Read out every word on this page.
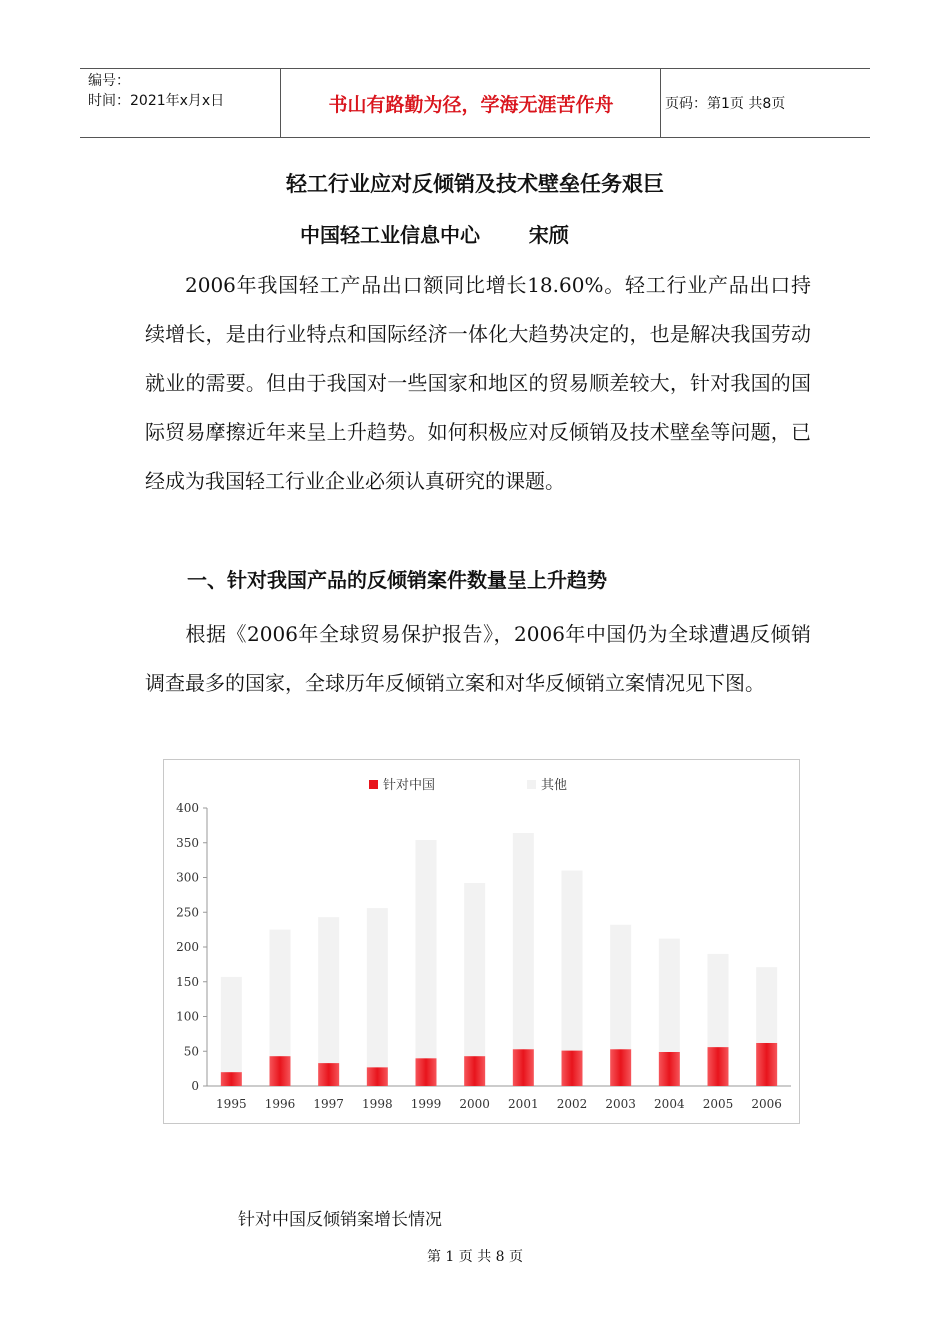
编号：
时间：2021年x月x日	书山有路勤为径，学海无涯苦作舟	页码：第1页 共8页
轻工行业应对反倾销及技术壁垒任务艰巨
中国轻工业信息中心       宋颀

2006年我国轻工产品出口额同比增长18.60%。轻工行业产品出口持续增长，是由行业特点和国际经济一体化大趋势决定的，也是解决我国劳动就业的需要。但由于我国对一些国家和地区的贸易顺差较大，针对我国的国际贸易摩擦近年来呈上升趋势。如何积极应对反倾销及技术壁垒等问题，已经成为我国轻工行业企业必须认真研究的课题。

一、针对我国产品的反倾销案件数量呈上升趋势

根据《2006年全球贸易保护报告》，2006年中国仍为全球遭遇反倾销调查最多的国家，全球历年反倾销立案和对华反倾销立案情况见下图。

0
50
100
150
200
250
300
350
400
1995 1996 1997 1998 1999 2000 2001 2002 2003 2004 2005 2006
针对中国	其他
针对中国反倾销案增长情况
第 1 页 共 8 页
